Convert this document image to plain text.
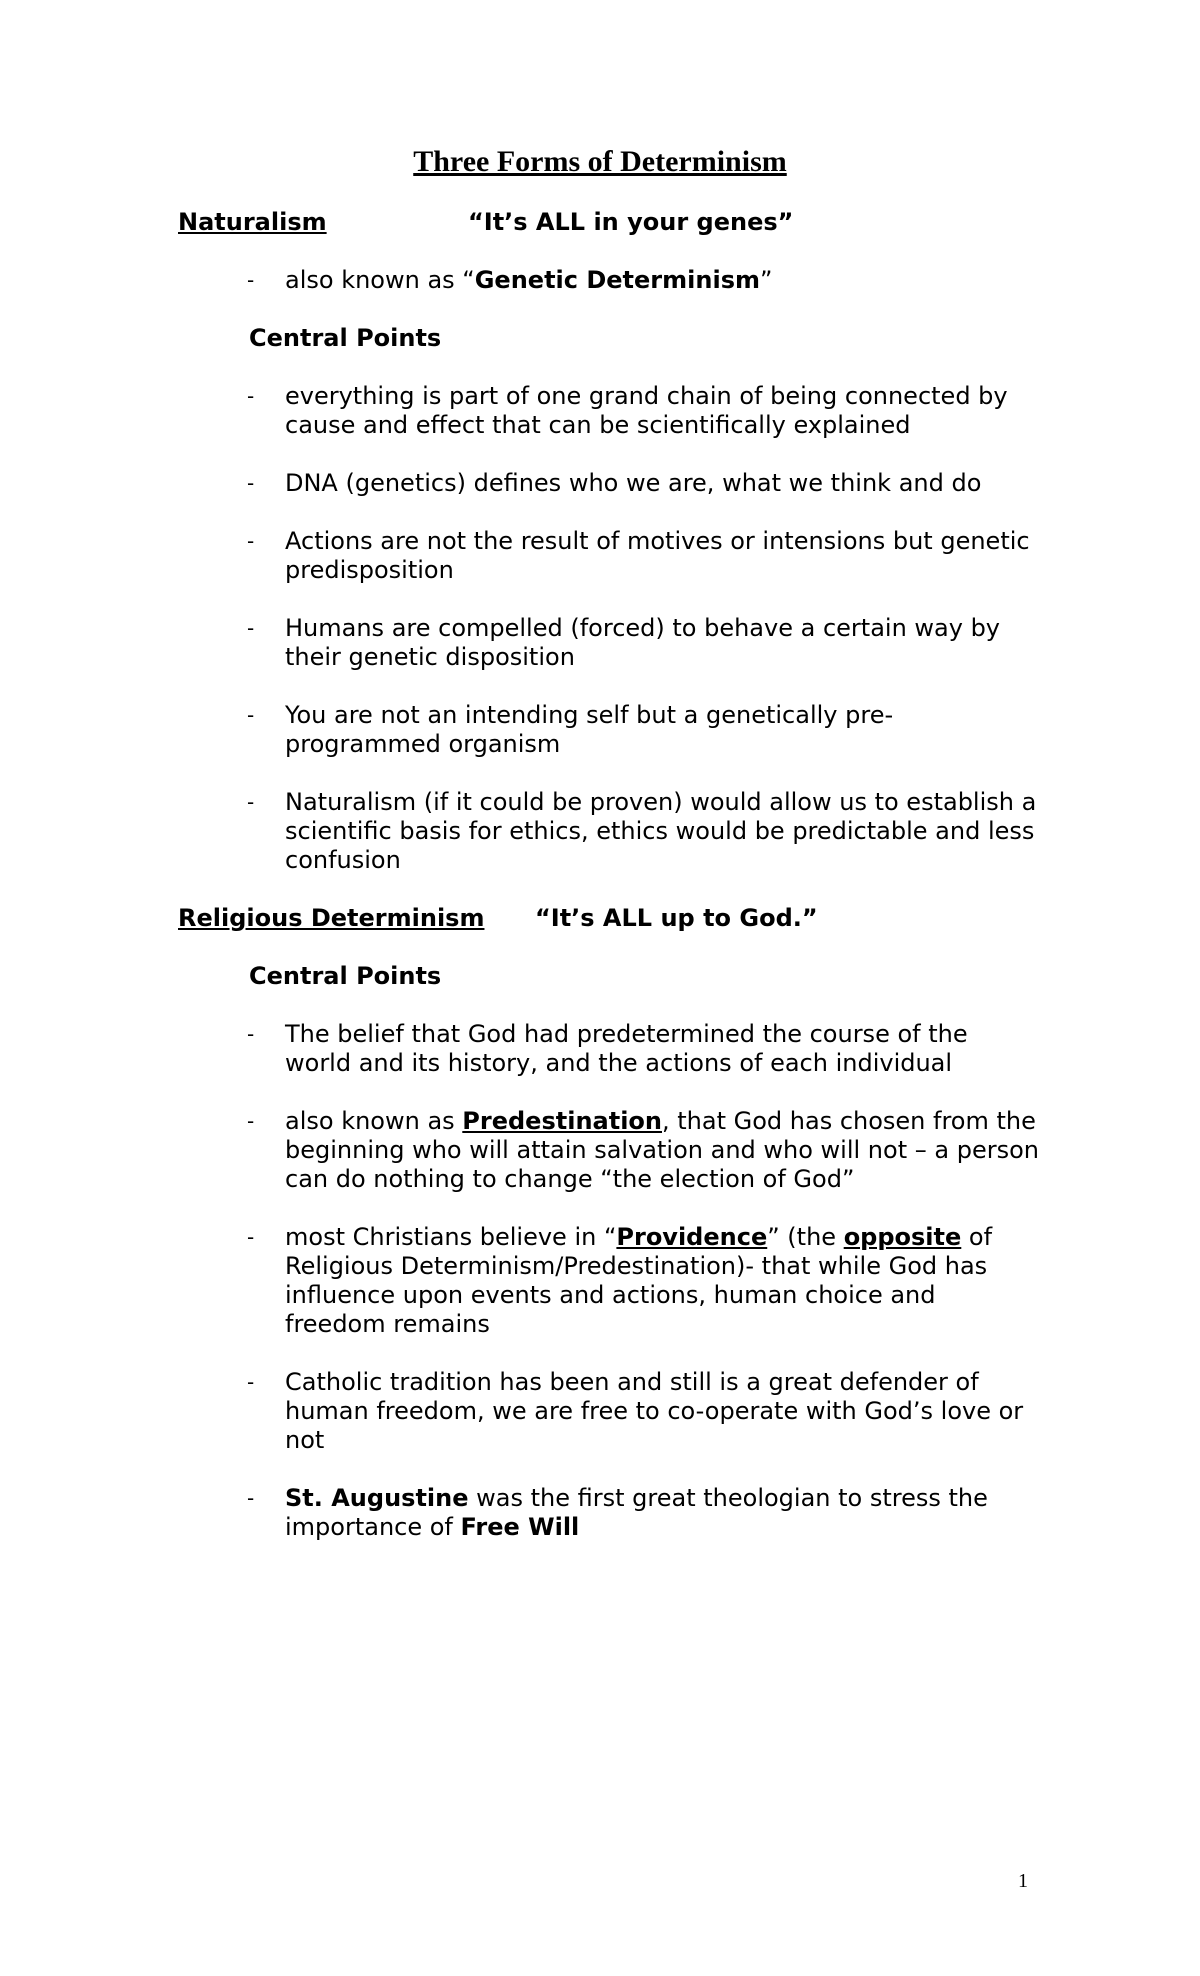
Three Forms of Determinism
Naturalism	“It’s ALL in your genes”
- also known as “Genetic Determinism”
Central Points
- everything is part of one grand chain of being connected by cause and effect that can be scientifically explained
- DNA (genetics) defines who we are, what we think and do
- Actions are not the result of motives or intensions but genetic predisposition
- Humans are compelled (forced) to behave a certain way by their genetic disposition
- You are not an intending self but a genetically pre-programmed organism
- Naturalism (if it could be proven) would allow us to establish a scientific basis for ethics, ethics would be predictable and less confusion
Religious Determinism “It’s ALL up to God.”
Central Points
- The belief that God had predetermined the course of the world and its history, and the actions of each individual
- also known as Predestination, that God has chosen from the beginning who will attain salvation and who will not – a person can do nothing to change “the election of God”
- most Christians believe in “Providence” (the opposite of Religious Determinism/Predestination)- that while God has influence upon events and actions, human choice and freedom remains
- Catholic tradition has been and still is a great defender of human freedom, we are free to co-operate with God’s love or not
- St. Augustine was the first great theologian to stress the importance of Free Will
1
